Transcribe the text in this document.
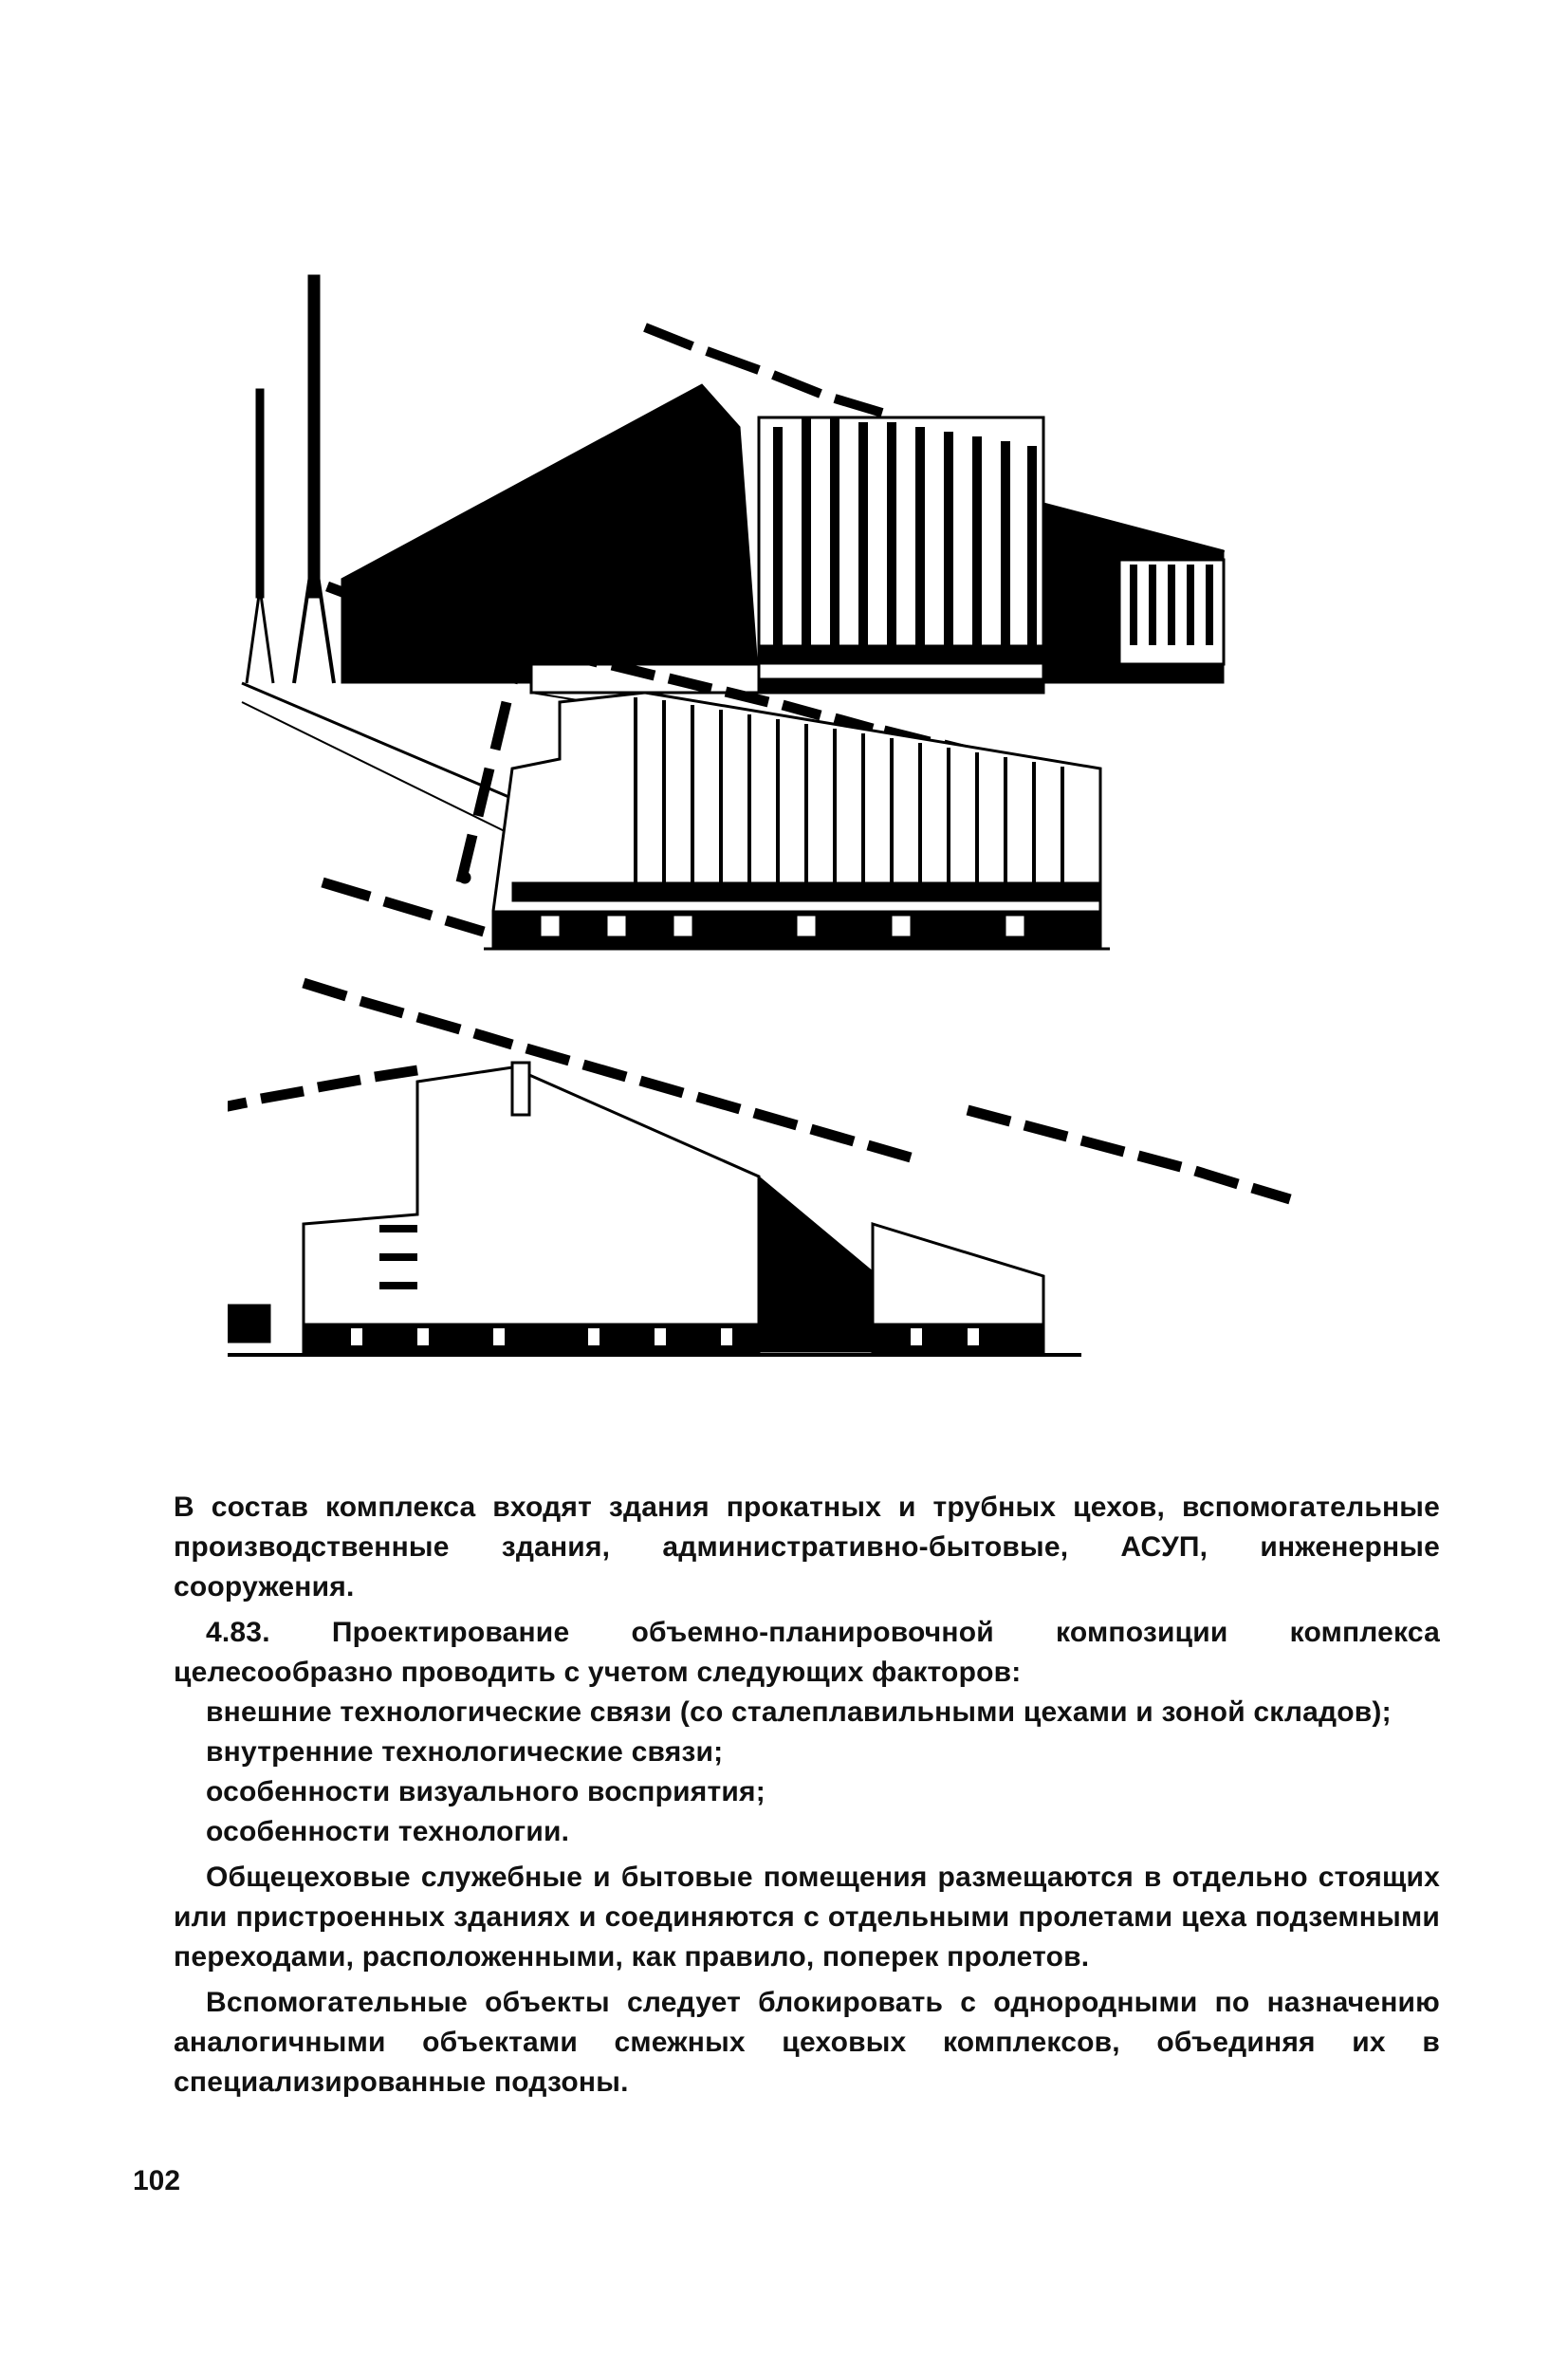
В состав комплекса входят здания прокатных и трубных цехов, вспомогательные производственные здания, административно-бытовые, АСУП, инженерные сооружения.

4.83. Проектирование объемно-планировочной композиции комплекса целесообразно проводить с учетом следующих факторов:

внешние технологические связи (со сталеплавильными цехами и зоной складов);

внутренние технологические связи;

особенности визуального восприятия;

особенности технологии.

Общецеховые служебные и бытовые помещения размещаются в отдельно стоящих или пристроенных зданиях и соединяются с отдельными пролетами цеха подземными переходами, расположенными, как правило, поперек пролетов.

Вспомогательные объекты следует блокировать с однородными по назначению аналогичными объектами смежных цеховых комплексов, объединяя их в специализированные подзоны.

102
